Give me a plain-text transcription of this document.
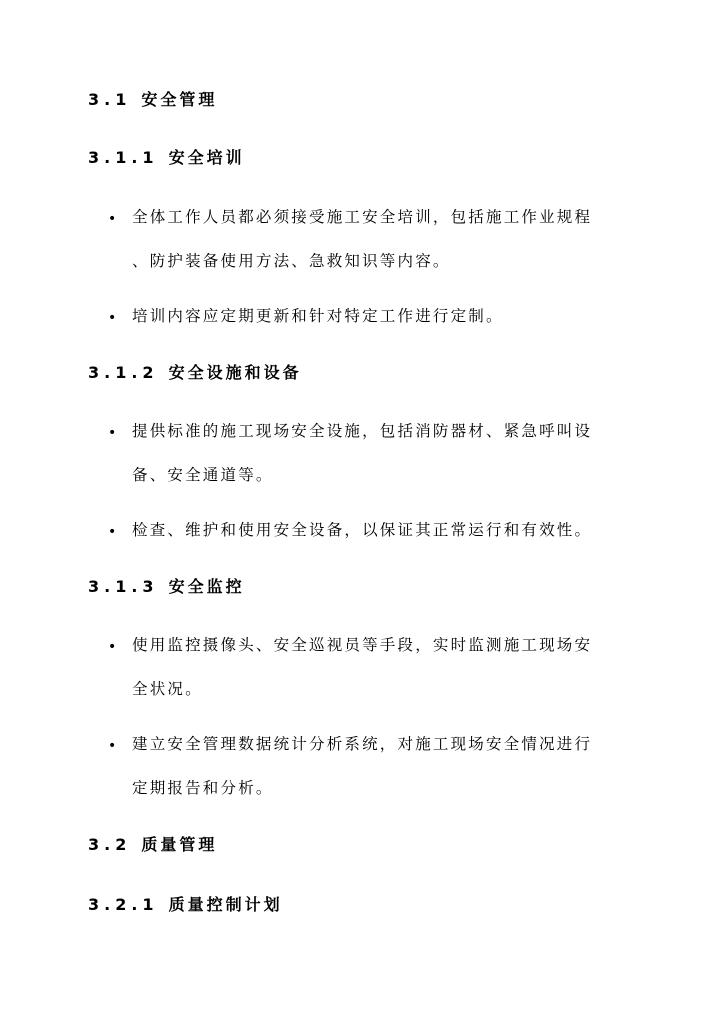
3.1 安全管理
3.1.1 安全培训
• 全体工作人员都必须接受施工安全培训，包括施工作业规程
、防护装备使用方法、急救知识等内容。
• 培训内容应定期更新和针对特定工作进行定制。
3.1.2 安全设施和设备
• 提供标准的施工现场安全设施，包括消防器材、紧急呼叫设
备、安全通道等。
• 检查、维护和使用安全设备，以保证其正常运行和有效性。
3.1.3 安全监控
• 使用监控摄像头、安全巡视员等手段，实时监测施工现场安
全状况。
• 建立安全管理数据统计分析系统，对施工现场安全情况进行
定期报告和分析。
3.2 质量管理
3.2.1 质量控制计划
